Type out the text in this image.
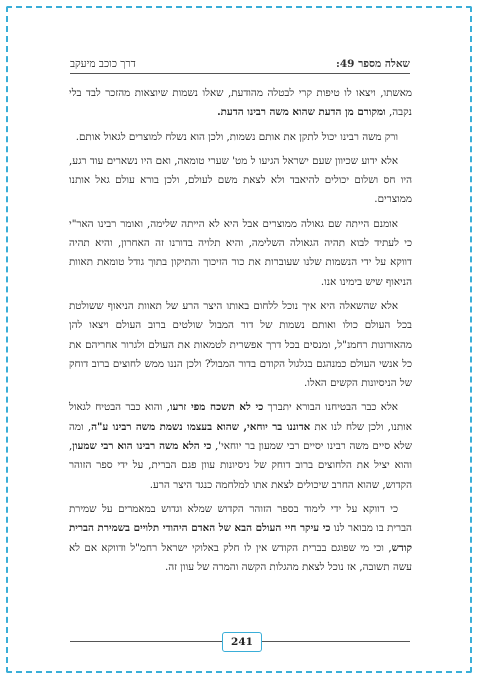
שאלה מספר 49:
דרך כוכב מיעקב

מאשתו, ויצאו לו טיפות קרי לבטלה מהודעת, שאלו נשמות שיוצאות מהזכר לבד בלי נקבה, ומקורם מן הדעת שהוא משה רבינו הדעת.

ורק משה רבינו יכול לתקן את אותם נשמות, ולכן הוא נשלח למוצרים לגאול אותם.

אלא ידוע שכיוון שעם ישראל הגיעו ל מט' שערי טומאה, ואם היו נשארים עוד רגע, היו חס ושלום יכולים להיאבד ולא לצאת משם לעולם, ולכן בורא עולם גאל אותנו ממוצרים.

אומנם הייתה שם גאולה ממוצרים אבל היא לא הייתה שלימה, ואומר רבינו האר"י כי לעתיד לבוא תהיה הגאולה השלימה, והיא תלויה בדורנו זה האחרון, והיא תהיה דווקא על ידי הנשמות שלנו שעוברות את כור הזיכוך והתיקון בתוך גודל טומאת תאוות הניאוף שיש בימינו אנו.

אלא שהשאלה היא איך נוכל ללחום באותו היצר הרע של תאוות הניאוף ששולטת בכל העולם כולו ואותם נשמות של דור המבול שולטים ברוב העולם ויצאו להן מהאורונות רחמנ"ל, ומנסים בכל דרך אפשרית לטמאות את העולם ולגרור אחריהם את כל אנשי העולם כמנהגם בגלגול הקודם בדור המבול? ולכן הננו ממש לחוצים ברוב דוחק של הניסיונות הקשים האלו.

אלא כבר הבטיחנו הבורא יתברך כי לא תשכח מפי זרעו, והוא כבר הבטיח לגאול אותנו, ולכן שלח לנו את אדוננו בר יוחאי, שהוא בעצמו נשמת משה רבינו ע"ה, ומה שלא סיים משה רבינו יסיים רבי שמעון בר יוחאי', כי הלא משה רבינו הוא רבי שמעון, והוא יציל את הלחוצים ברוב דוחק של ניסיונות עוון פגם הברית, על ידי ספר הזוהר הקדוש, שהוא החרב שיכולים לצאת אתו למלחמה כנגד היצר הרע.

כי דווקא על ידי לימוד בספר הזוהר הקדוש שמלא וגדוש במאמרים על שמירת הברית בו מבואר לנו כי עיקר חיי העולם הבא של האדם היהודי תלויים בשמירת הברית קודש, וכי מי שפוגם בברית הקודש אין לו חלק באלוקי ישראל רחמ"ל ודווקא אם לא עשה תשובה, אז נוכל לצאת מהגלות הקשה והמרה של עוון זה.

241
